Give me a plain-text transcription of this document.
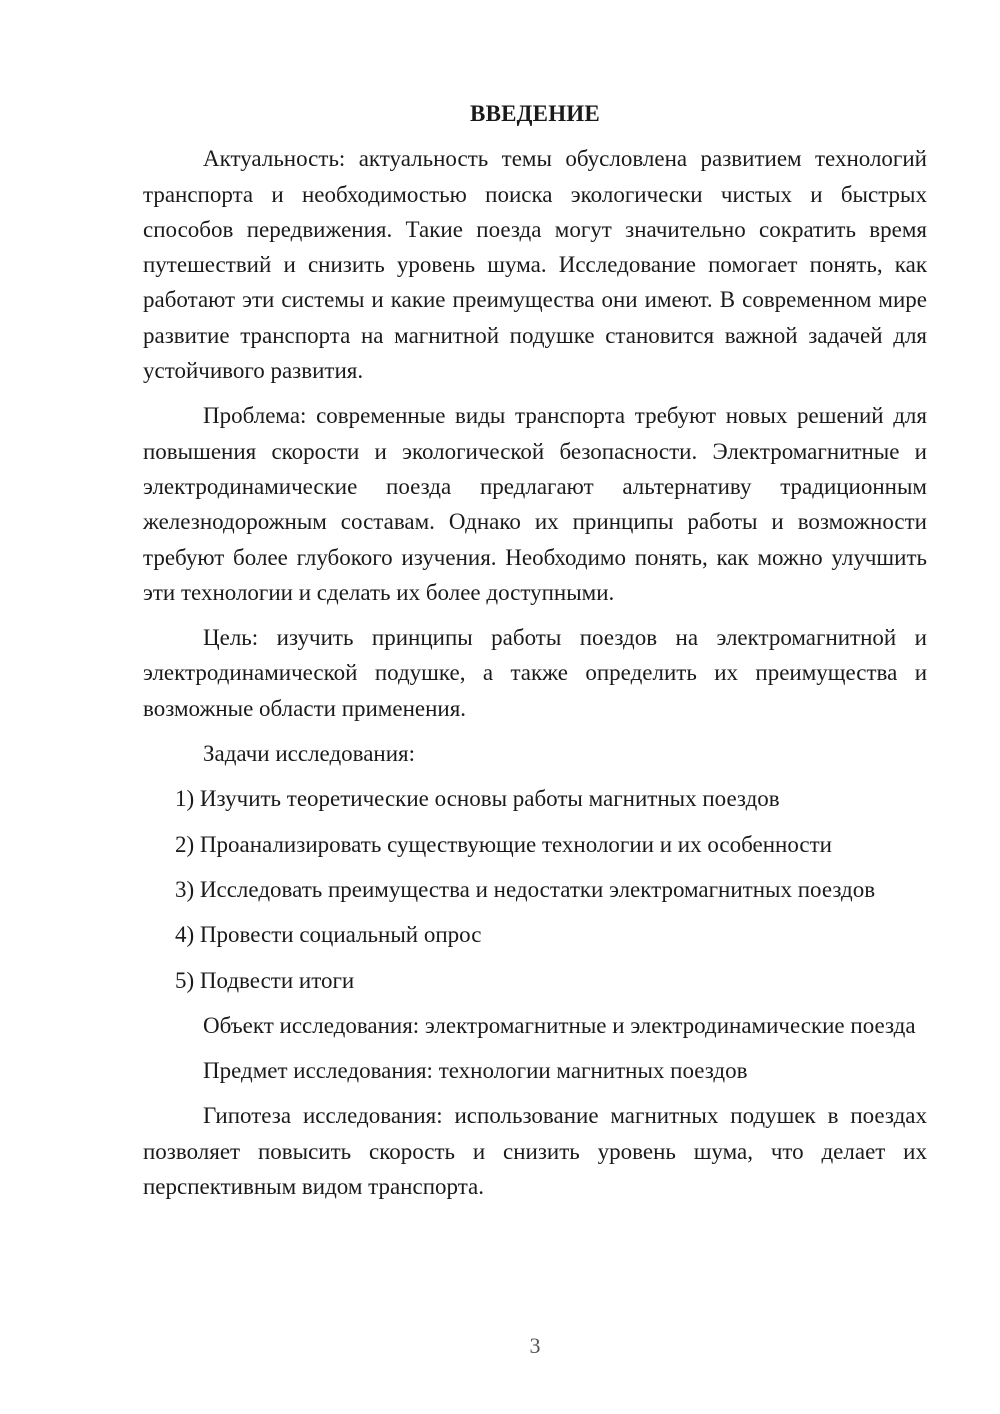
ВВЕДЕНИЕ

Актуальность: актуальность темы обусловлена развитием технологий транспорта и необходимостью поиска экологически чистых и быстрых способов передвижения. Такие поезда могут значительно сократить время путешествий и снизить уровень шума. Исследование помогает понять, как работают эти системы и какие преимущества они имеют. В современном мире развитие транспорта на магнитной подушке становится важной задачей для устойчивого развития.

Проблема: современные виды транспорта требуют новых решений для повышения скорости и экологической безопасности. Электромагнитные и электродинамические поезда предлагают альтернативу традиционным железнодорожным составам. Однако их принципы работы и возможности требуют более глубокого изучения. Необходимо понять, как можно улучшить эти технологии и сделать их более доступными.

Цель: изучить принципы работы поездов на электромагнитной и электродинамической подушке, а также определить их преимущества и возможные области применения.

Задачи исследования:

1) Изучить теоретические основы работы магнитных поездов

2) Проанализировать существующие технологии и их особенности

3) Исследовать преимущества и недостатки электромагнитных поездов

4) Провести социальный опрос

5) Подвести итоги

Объект исследования: электромагнитные и электродинамические поезда

Предмет исследования: технологии магнитных поездов

Гипотеза исследования: использование магнитных подушек в поездах позволяет повысить скорость и снизить уровень шума, что делает их перспективным видом транспорта.

3
